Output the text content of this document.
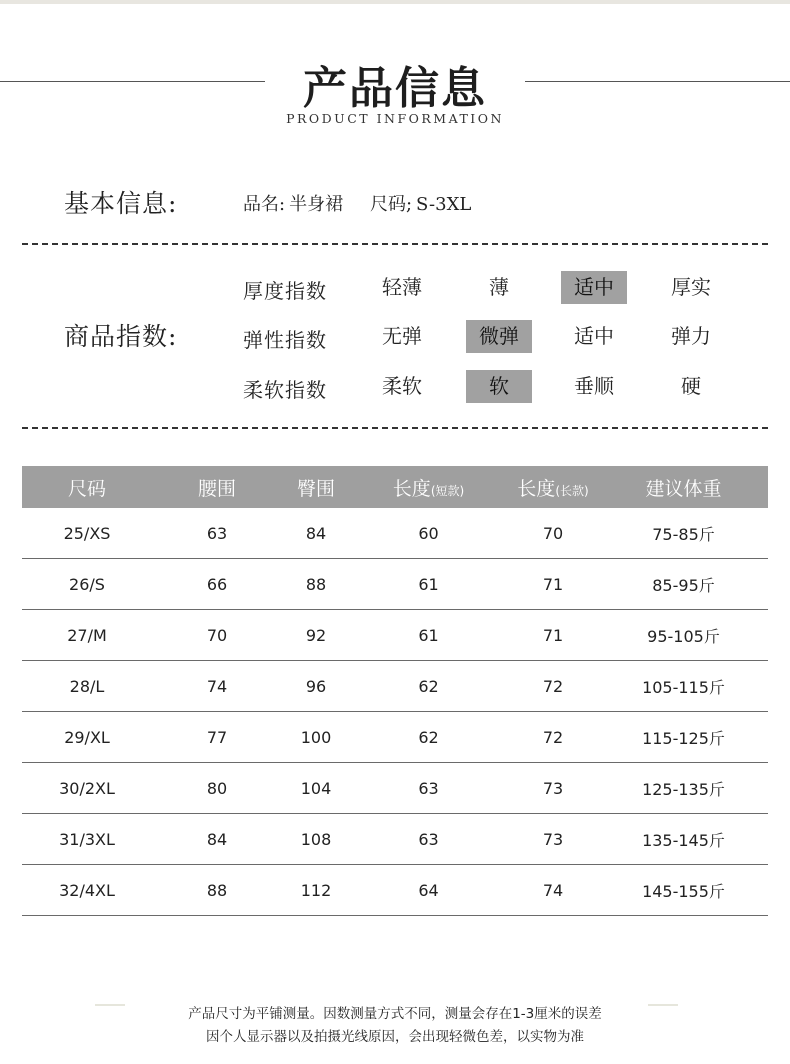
产品信息
PRODUCT INFORMATION
基本信息:	品名: 半身裙 尺码; S-3XL
商品指数:
厚度指数	轻薄	薄	适中	厚实
弹性指数	无弹	微弹	适中	弹力
柔软指数	柔软	软	垂顺	硬
尺码	腰围	臀围	长度(短款)	长度(长款)	建议体重
25/XS	63	84	60	70	75-85斤
26/S	66	88	61	71	85-95斤
27/M	70	92	61	71	95-105斤
28/L	74	96	62	72	105-115斤
29/XL	77	100	62	72	115-125斤
30/2XL	80	104	63	73	125-135斤
31/3XL	84	108	63	73	135-145斤
32/4XL	88	112	64	74	145-155斤
产品尺寸为平铺测量。因数测量方式不同，测量会存在1-3厘米的误差
因个人显示器以及拍摄光线原因，会出现轻微色差，以实物为准
